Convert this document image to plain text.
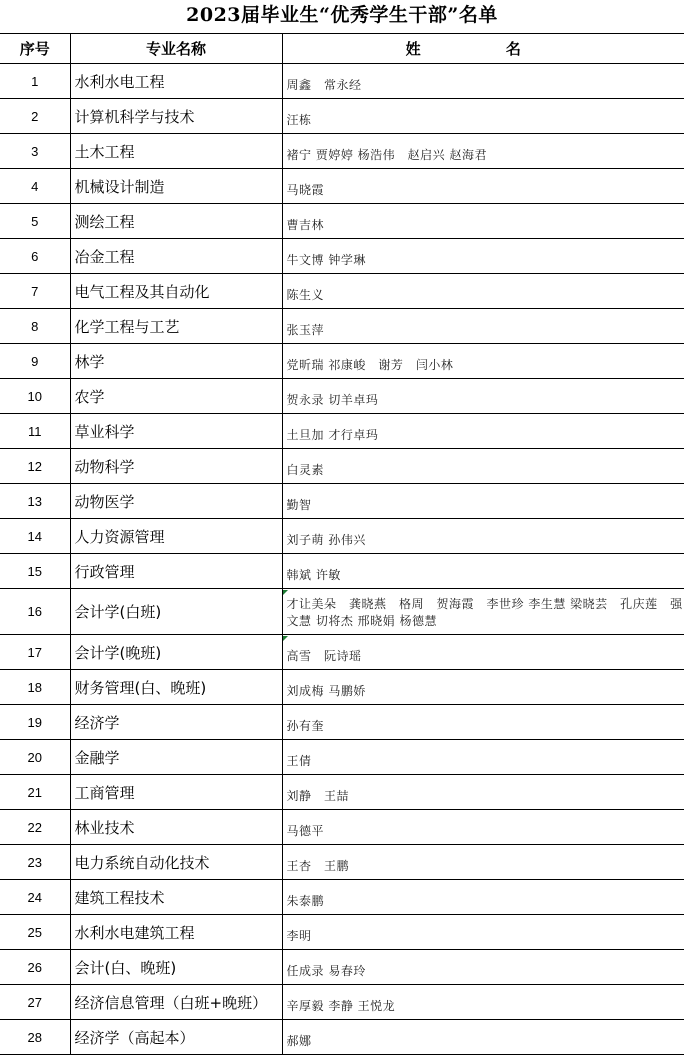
2023届毕业生“优秀学生干部”名单
序号	专业名称	姓 名
1	水利水电工程	周鑫　常永经
2	计算机科学与技术	汪栋
3	土木工程	褚宁 贾婷婷 杨浩伟　赵启兴 赵海君
4	机械设计制造	马晓霞
5	测绘工程	曹吉林
6	冶金工程	牛文博 钟学琳
7	电气工程及其自动化	陈生义
8	化学工程与工艺	张玉萍
9	林学	党昕瑞 祁康峻　谢芳　闫小林
10	农学	贺永录 切羊卓玛
11	草业科学	土旦加 才行卓玛
12	动物科学	白灵素
13	动物医学	勤智
14	人力资源管理	刘子萌 孙伟兴
15	行政管理	韩斌 许敏
16	会计学(白班)	才让美朵　龚晓燕　格周　贺海霞　李世珍 李生慧 梁晓芸　孔庆莲　强文慧 切将杰 邢晓娟 杨德慧
17	会计学(晚班)	高雪　阮诗瑶
18	财务管理(白、晚班)	刘成梅 马鹏娇
19	经济学	孙有奎
20	金融学	王倩
21	工商管理	刘静　王喆
22	林业技术	马德平
23	电力系统自动化技术	王杏　王鹏
24	建筑工程技术	朱泰鹏
25	水利水电建筑工程	李明
26	会计(白、晚班)	任成录 易春玲
27	经济信息管理（白班+晚班）	辛厚毅 李静 王悦龙
28	经济学（高起本）	郝娜
